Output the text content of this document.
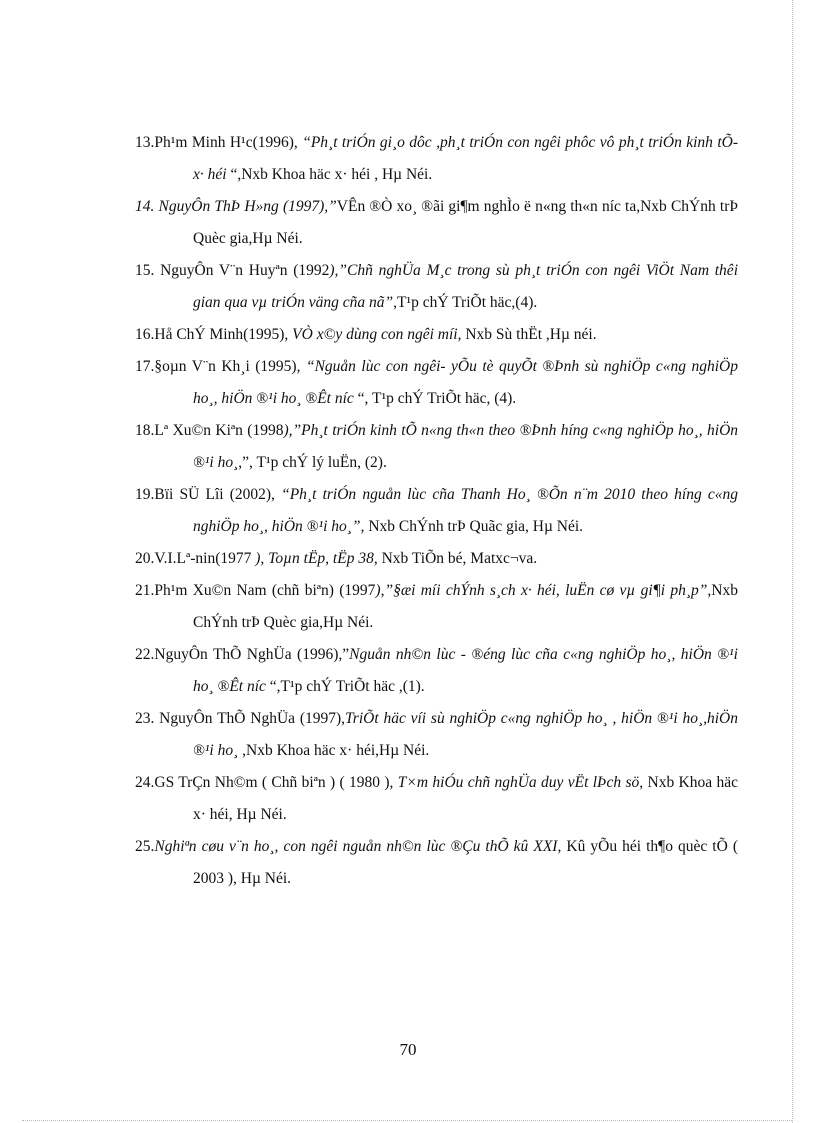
13.Ph¹m Minh H¹c(1996), “Ph¸t triÓn gi¸o dôc ,ph¸t triÓn con ngêi phôc vô ph¸t triÓn kinh tÕ-x· héi “,Nxb Khoa häc x· héi , Hµ Néi.

14. NguyÔn ThÞ H»ng (1997),”VÊn ®Ò xo¸ ®ãi gi¶m nghÌo ë n«ng th«n níc ta,Nxb ChÝnh trÞ Quèc gia,Hµ Néi.

15. NguyÔn V¨n Huyªn (1992),”Chñ nghÜa M¸c trong sù ph¸t triÓn con ngêi ViÖt Nam thêi gian qua vµ triÓn väng cña nã”,T¹p chÝ TriÕt häc,(4).

16.Hå ChÝ Minh(1995), VÒ x©y dùng con ngêi míi, Nxb Sù thËt ,Hµ néi.

17.§oµn V¨n Kh¸i (1995), “Nguån lùc con ngêi- yÕu tè quyÕt ®Þnh sù nghiÖp c«ng nghiÖp ho¸, hiÖn ®¹i ho¸ ®Êt níc “, T¹p chÝ TriÕt häc, (4).

18.Lª Xu©n Kiªn (1998),”Ph¸t triÓn kinh tÕ n«ng th«n theo ®Þnh híng c«ng nghiÖp ho¸, hiÖn ®¹i ho¸,”, T¹p chÝ lý luËn, (2).

19.Bïi SÜ Lîi (2002), “Ph¸t triÓn nguån lùc cña Thanh Ho¸ ®Õn n¨m 2010 theo híng c«ng nghiÖp ho¸, hiÖn ®¹i ho¸”, Nxb ChÝnh trÞ Quãc gia, Hµ Néi.

20.V.I.Lª-nin(1977 ), Toµn tËp, tËp 38, Nxb TiÕn bé, Matxc¬va.

21.Ph¹m Xu©n Nam (chñ biªn) (1997),”§æi míi chÝnh s¸ch x· héi, luËn cø vµ gi¶i ph¸p”,Nxb ChÝnh trÞ Quèc gia,Hµ Néi.

22.NguyÔn ThÕ NghÜa (1996),”Nguån nh©n lùc - ®éng lùc cña c«ng nghiÖp ho¸, hiÖn ®¹i ho¸ ®Êt níc “,T¹p chÝ TriÕt häc ,(1).

23. NguyÔn ThÕ NghÜa (1997),TriÕt häc víi sù nghiÖp c«ng nghiÖp ho¸ , hiÖn ®¹i ho¸,hiÖn ®¹i ho¸ ,Nxb Khoa häc x· héi,Hµ Néi.

24.GS TrÇn Nh©m ( Chñ biªn ) ( 1980 ), T×m hiÓu chñ nghÜa duy vËt lÞch sö, Nxb Khoa häc x· héi, Hµ Néi.

25.Nghiªn cøu v¨n ho¸, con ngêi nguån nh©n lùc ®Çu thÕ kû XXI, Kû yÕu héi th¶o quèc tÕ ( 2003 ), Hµ Néi.

70
